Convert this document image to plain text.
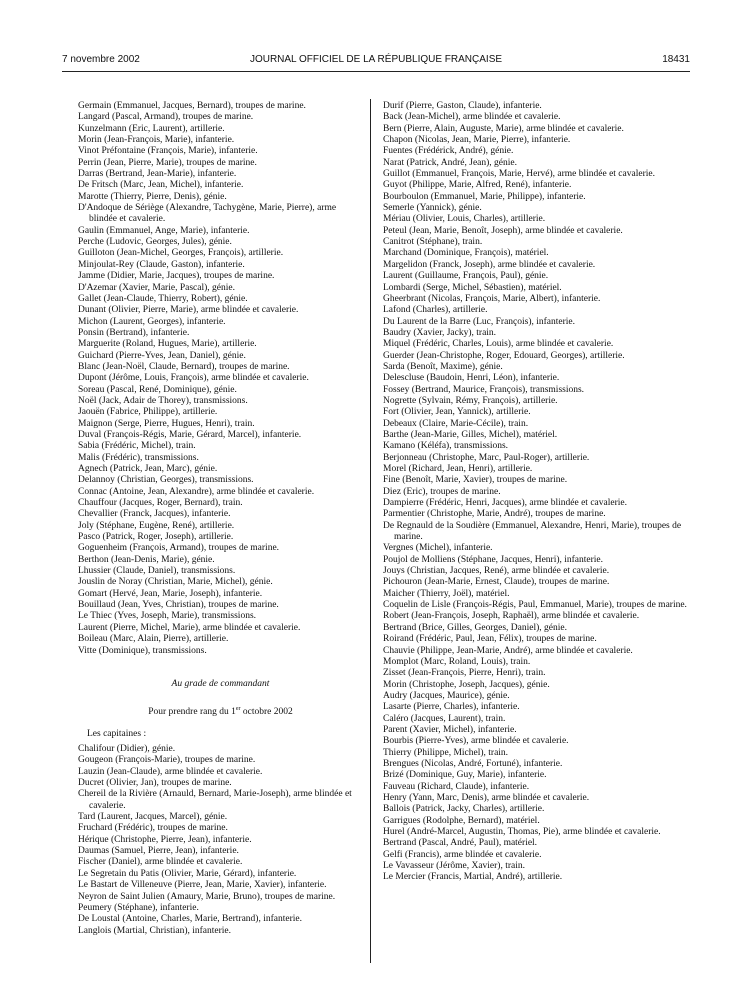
7 novembre 2002	JOURNAL OFFICIEL DE LA RÉPUBLIQUE FRANÇAISE	18431

Germain (Emmanuel, Jacques, Bernard), troupes de marine.

Langard (Pascal, Armand), troupes de marine.

Kunzelmann (Eric, Laurent), artillerie.

Morin (Jean-François, Marie), infanterie.

Vinot Préfontaine (François, Marie), infanterie.

Perrin (Jean, Pierre, Marie), troupes de marine.

Darras (Bertrand, Jean-Marie), infanterie.

De Fritsch (Marc, Jean, Michel), infanterie.

Marotte (Thierry, Pierre, Denis), génie.

D'Andoque de Sériège (Alexandre, Tachygène, Marie, Pierre), arme blindée et cavalerie.

Gaulin (Emmanuel, Ange, Marie), infanterie.

Perche (Ludovic, Georges, Jules), génie.

Guilloton (Jean-Michel, Georges, François), artillerie.

Minjoulat-Rey (Claude, Gaston), infanterie.

Jamme (Didier, Marie, Jacques), troupes de marine.

D'Azemar (Xavier, Marie, Pascal), génie.

Gallet (Jean-Claude, Thierry, Robert), génie.

Dunant (Olivier, Pierre, Marie), arme blindée et cavalerie.

Michon (Laurent, Georges), infanterie.

Ponsin (Bertrand), infanterie.

Marguerite (Roland, Hugues, Marie), artillerie.

Guichard (Pierre-Yves, Jean, Daniel), génie.

Blanc (Jean-Noël, Claude, Bernard), troupes de marine.

Dupont (Jérôme, Louis, François), arme blindée et cavalerie.

Soreau (Pascal, René, Dominique), génie.

Noël (Jack, Adair de Thorey), transmissions.

Jaouën (Fabrice, Philippe), artillerie.

Maignon (Serge, Pierre, Hugues, Henri), train.

Duval (François-Régis, Marie, Gérard, Marcel), infanterie.

Sabia (Frédéric, Michel), train.

Malis (Frédéric), transmissions.

Agnech (Patrick, Jean, Marc), génie.

Delannoy (Christian, Georges), transmissions.

Connac (Antoine, Jean, Alexandre), arme blindée et cavalerie.

Chauffour (Jacques, Roger, Bernard), train.

Chevallier (Franck, Jacques), infanterie.

Joly (Stéphane, Eugène, René), artillerie.

Pasco (Patrick, Roger, Joseph), artillerie.

Goguenheim (François, Armand), troupes de marine.

Berthon (Jean-Denis, Marie), génie.

Lhussier (Claude, Daniel), transmissions.

Jouslin de Noray (Christian, Marie, Michel), génie.

Gomart (Hervé, Jean, Marie, Joseph), infanterie.

Bouillaud (Jean, Yves, Christian), troupes de marine.

Le Thiec (Yves, Joseph, Marie), transmissions.

Laurent (Pierre, Michel, Marie), arme blindée et cavalerie.

Boileau (Marc, Alain, Pierre), artillerie.

Vitte (Dominique), transmissions.

Au grade de commandant

Pour prendre rang du 1er octobre 2002

Les capitaines :

Chalifour (Didier), génie.

Gougeon (François-Marie), troupes de marine.

Lauzin (Jean-Claude), arme blindée et cavalerie.

Ducret (Olivier, Jan), troupes de marine.

Chereil de la Rivière (Arnauld, Bernard, Marie-Joseph), arme blindée et cavalerie.

Tard (Laurent, Jacques, Marcel), génie.

Fruchard (Frédéric), troupes de marine.

Hérique (Christophe, Pierre, Jean), infanterie.

Daumas (Samuel, Pierre, Jean), infanterie.

Fischer (Daniel), arme blindée et cavalerie.

Le Segretain du Patis (Olivier, Marie, Gérard), infanterie.

Le Bastart de Villeneuve (Pierre, Jean, Marie, Xavier), infanterie.

Neyron de Saint Julien (Amaury, Marie, Bruno), troupes de marine.

Peumery (Stéphane), infanterie.

De Loustal (Antoine, Charles, Marie, Bertrand), infanterie.

Langlois (Martial, Christian), infanterie.

Durif (Pierre, Gaston, Claude), infanterie.

Back (Jean-Michel), arme blindée et cavalerie.

Bern (Pierre, Alain, Auguste, Marie), arme blindée et cavalerie.

Chapon (Nicolas, Jean, Marie, Pierre), infanterie.

Fuentes (Frédérick, André), génie.

Narat (Patrick, André, Jean), génie.

Guillot (Emmanuel, François, Marie, Hervé), arme blindée et cavalerie.

Guyot (Philippe, Marie, Alfred, René), infanterie.

Bourboulon (Emmanuel, Marie, Philippe), infanterie.

Semerle (Yannick), génie.

Mériau (Olivier, Louis, Charles), artillerie.

Peteul (Jean, Marie, Benoît, Joseph), arme blindée et cavalerie.

Canitrot (Stéphane), train.

Marchand (Dominique, François), matériel.

Margelidon (Franck, Joseph), arme blindée et cavalerie.

Laurent (Guillaume, François, Paul), génie.

Lombardi (Serge, Michel, Sébastien), matériel.

Gheerbrant (Nicolas, François, Marie, Albert), infanterie.

Lafond (Charles), artillerie.

Du Laurent de la Barre (Luc, François), infanterie.

Baudry (Xavier, Jacky), train.

Miquel (Frédéric, Charles, Louis), arme blindée et cavalerie.

Guerder (Jean-Christophe, Roger, Edouard, Georges), artillerie.

Sarda (Benoît, Maxime), génie.

Delescluse (Baudoin, Henri, Léon), infanterie.

Fossey (Bertrand, Maurice, François), transmissions.

Nogrette (Sylvain, Rémy, François), artillerie.

Fort (Olivier, Jean, Yannick), artillerie.

Debeaux (Claire, Marie-Cécile), train.

Barthe (Jean-Marie, Gilles, Michel), matériel.

Kamano (Kéléfa), transmissions.

Berjonneau (Christophe, Marc, Paul-Roger), artillerie.

Morel (Richard, Jean, Henri), artillerie.

Fine (Benoît, Marie, Xavier), troupes de marine.

Diez (Eric), troupes de marine.

Dampierre (Frédéric, Henri, Jacques), arme blindée et cavalerie.

Parmentier (Christophe, Marie, André), troupes de marine.

De Regnauld de la Soudière (Emmanuel, Alexandre, Henri, Marie), troupes de marine.

Vergnes (Michel), infanterie.

Poujol de Molliens (Stéphane, Jacques, Henri), infanterie.

Jouys (Christian, Jacques, René), arme blindée et cavalerie.

Pichouron (Jean-Marie, Ernest, Claude), troupes de marine.

Maicher (Thierry, Joël), matériel.

Coquelin de Lisle (François-Régis, Paul, Emmanuel, Marie), troupes de marine.

Robert (Jean-François, Joseph, Raphaël), arme blindée et cavalerie.

Bertrand (Brice, Gilles, Georges, Daniel), génie.

Roirand (Frédéric, Paul, Jean, Félix), troupes de marine.

Chauvie (Philippe, Jean-Marie, André), arme blindée et cavalerie.

Momplot (Marc, Roland, Louis), train.

Zisset (Jean-François, Pierre, Henri), train.

Morin (Christophe, Joseph, Jacques), génie.

Audry (Jacques, Maurice), génie.

Lasarte (Pierre, Charles), infanterie.

Caléro (Jacques, Laurent), train.

Parent (Xavier, Michel), infanterie.

Bourbis (Pierre-Yves), arme blindée et cavalerie.

Thierry (Philippe, Michel), train.

Brengues (Nicolas, André, Fortuné), infanterie.

Brizé (Dominique, Guy, Marie), infanterie.

Fauveau (Richard, Claude), infanterie.

Henry (Yann, Marc, Denis), arme blindée et cavalerie.

Ballois (Patrick, Jacky, Charles), artillerie.

Garrigues (Rodolphe, Bernard), matériel.

Hurel (André-Marcel, Augustin, Thomas, Pie), arme blindée et cavalerie.

Bertrand (Pascal, André, Paul), matériel.

Gelfi (Francis), arme blindée et cavalerie.

Le Vavasseur (Jérôme, Xavier), train.

Le Mercier (Francis, Martial, André), artillerie.
